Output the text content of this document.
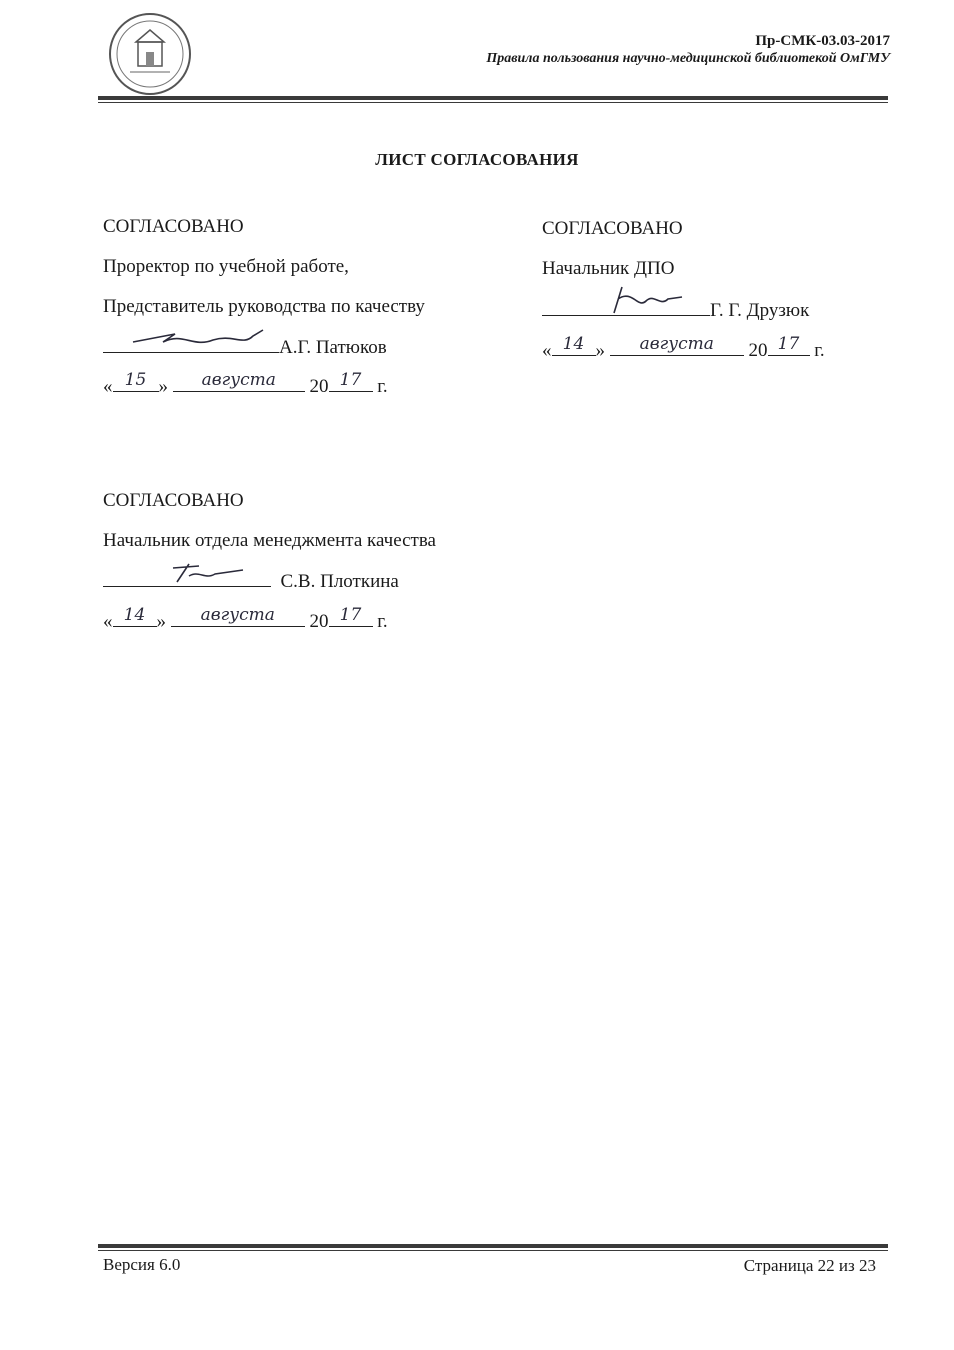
Пр-СМК-03.03-2017
Правила пользования научно-медицинской библиотекой ОмГМУ
ЛИСТ СОГЛАСОВАНИЯ
СОГЛАСОВАНО
Проректор по учебной работе,
Представитель руководства по качеству
А.Г. Патюков
« 15 »	августа	20 17 г.
СОГЛАСОВАНО
Начальник ДПО
Г. Г. Друзюк
« 14 »	августа	20 17 г.
СОГЛАСОВАНО
Начальник отдела менеджмента качества
С.В. Плоткина
« 14 »	августа	20 17 г.
Версия 6.0	Страница 22 из 23
